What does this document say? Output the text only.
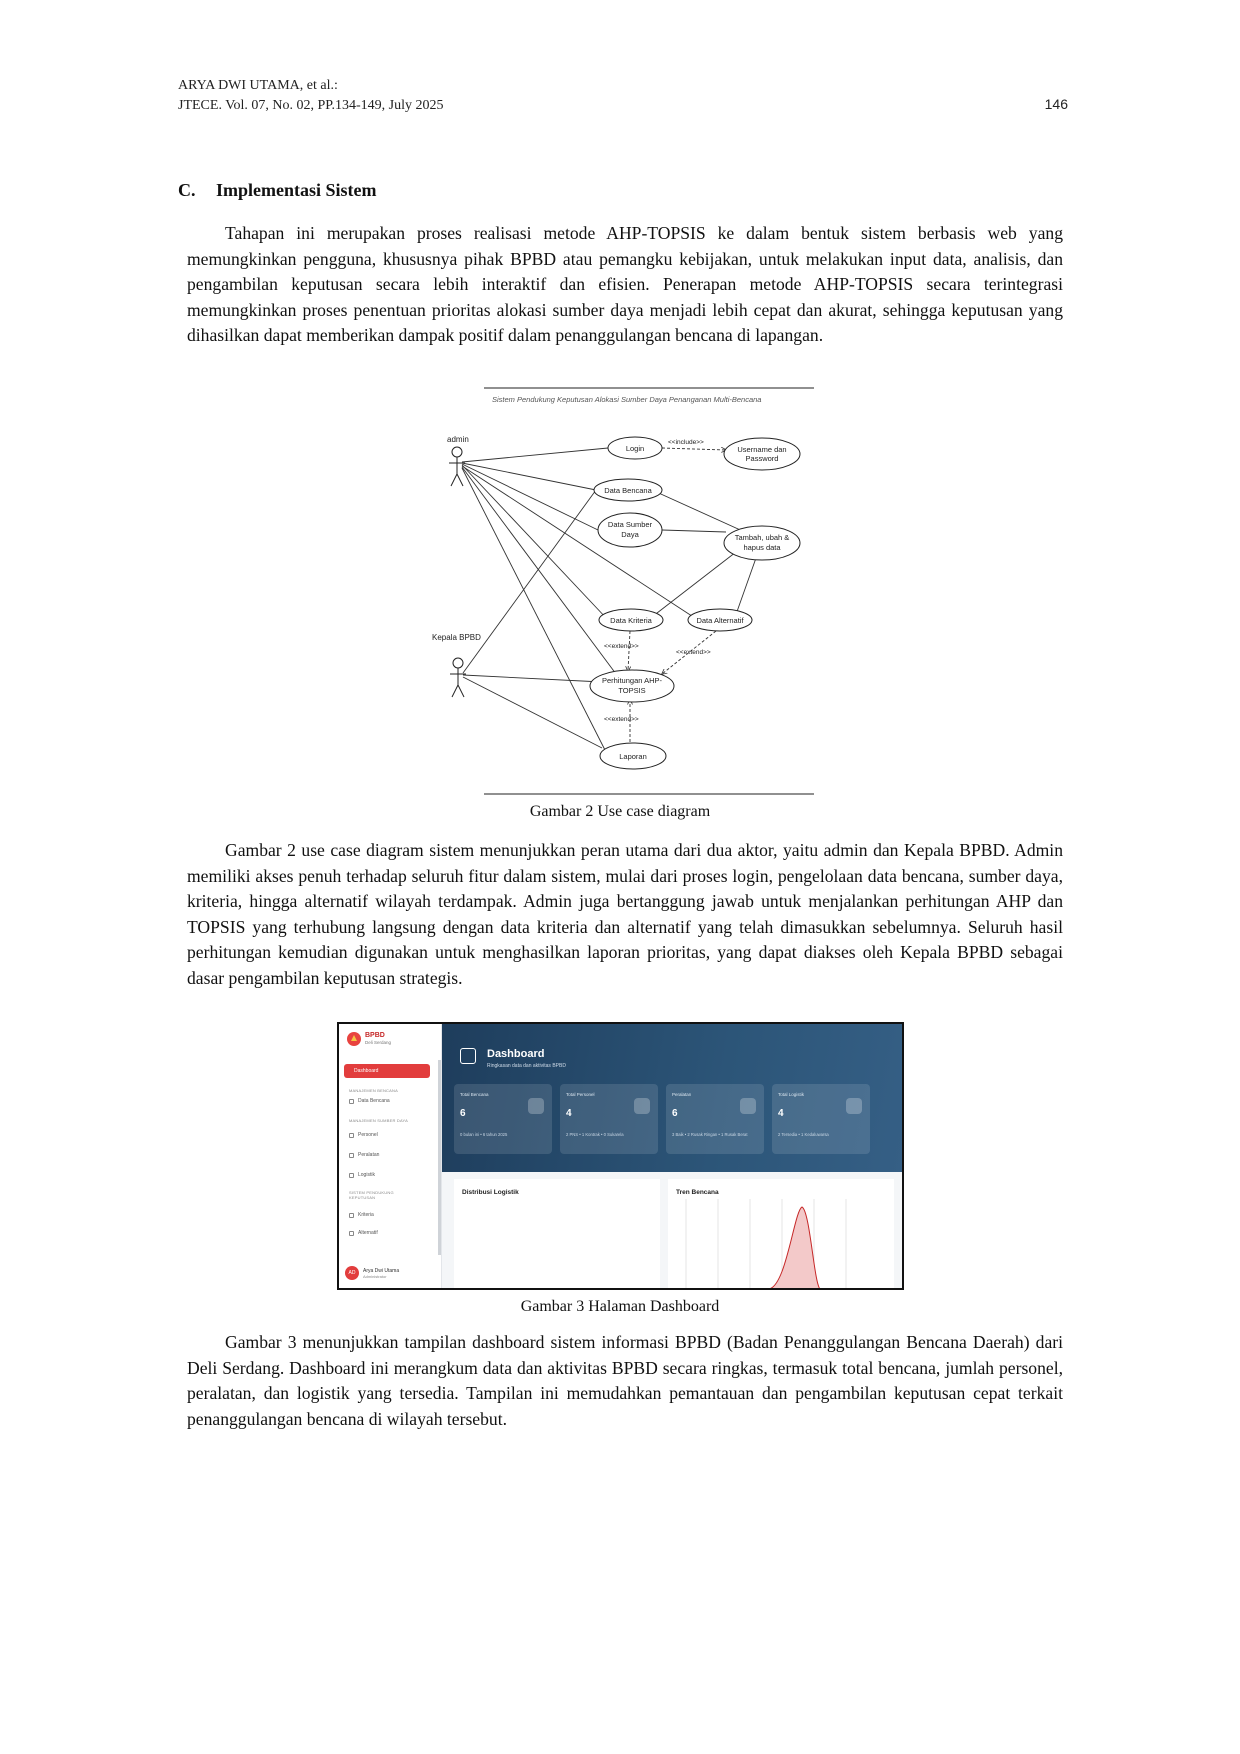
ARYA DWI UTAMA, et al.:
JTECE. Vol. 07, No. 02, PP.134-149, July 2025	146
C. Implementasi Sistem

Tahapan ini merupakan proses realisasi metode AHP-TOPSIS ke dalam bentuk sistem berbasis web yang memungkinkan pengguna, khususnya pihak BPBD atau pemangku kebijakan, untuk melakukan input data, analisis, dan pengambilan keputusan secara lebih interaktif dan efisien. Penerapan metode AHP-TOPSIS secara terintegrasi memungkinkan proses penentuan prioritas alokasi sumber daya menjadi lebih cepat dan akurat, sehingga keputusan yang dihasilkan dapat memberikan dampak positif dalam penanggulangan bencana di lapangan.

Sistem Pendukung Keputusan Alokasi Sumber Daya Penanganan Multi-Bencana
admin
Kepala BPBD
<<include>>
<<extend>>
<<extend>>
<<extend>>
Login	Username dan
Password
Data Bencana
Data Sumber
Daya	Tambah, ubah &
hapus data
Data Kriteria	Data Alternatif
Perhitungan AHP-
TOPSIS
Laporan
Gambar 2 Use case diagram

Gambar 2 use case diagram sistem menunjukkan peran utama dari dua aktor, yaitu admin dan Kepala BPBD. Admin memiliki akses penuh terhadap seluruh fitur dalam sistem, mulai dari proses login, pengelolaan data bencana, sumber daya, kriteria, hingga alternatif wilayah terdampak. Admin juga bertanggung jawab untuk menjalankan perhitungan AHP dan TOPSIS yang terhubung langsung dengan data kriteria dan alternatif yang telah dimasukkan sebelumnya. Seluruh hasil perhitungan kemudian digunakan untuk menghasilkan laporan prioritas, yang dapat diakses oleh Kepala BPBD sebagai dasar pengambilan keputusan strategis.

BPBD
Deli Serdang
Dashboard
MANAJEMEN BENCANA
Data Bencana
MANAJEMEN SUMBER DAYA
Personel
Peralatan
Logistik
SISTEM PENDUKUNG KEPUTUSAN
Kriteria
Alternatif
AD	Arya Dwi Utama
Administrator
Dashboard
Ringkasan data dan aktivitas BPBD
Total Bencana
6
0 bulan ini • 6 tahun 2025
Total Personel
4
2 PNS • 1 Kontrak • 0 Sukarela
Peralatan
6
3 Baik • 2 Rusak Ringan • 1 Rusak Berat
Total Logistik
4
2 Tersedia • 1 Kedaluwarsa
Distribusi Logistik	Tren Bencana
Gambar 3 Halaman Dashboard

Gambar 3 menunjukkan tampilan dashboard sistem informasi BPBD (Badan Penanggulangan Bencana Daerah) dari Deli Serdang. Dashboard ini merangkum data dan aktivitas BPBD secara ringkas, termasuk total bencana, jumlah personel, peralatan, dan logistik yang tersedia. Tampilan ini memudahkan pemantauan dan pengambilan keputusan cepat terkait penanggulangan bencana di wilayah tersebut.
